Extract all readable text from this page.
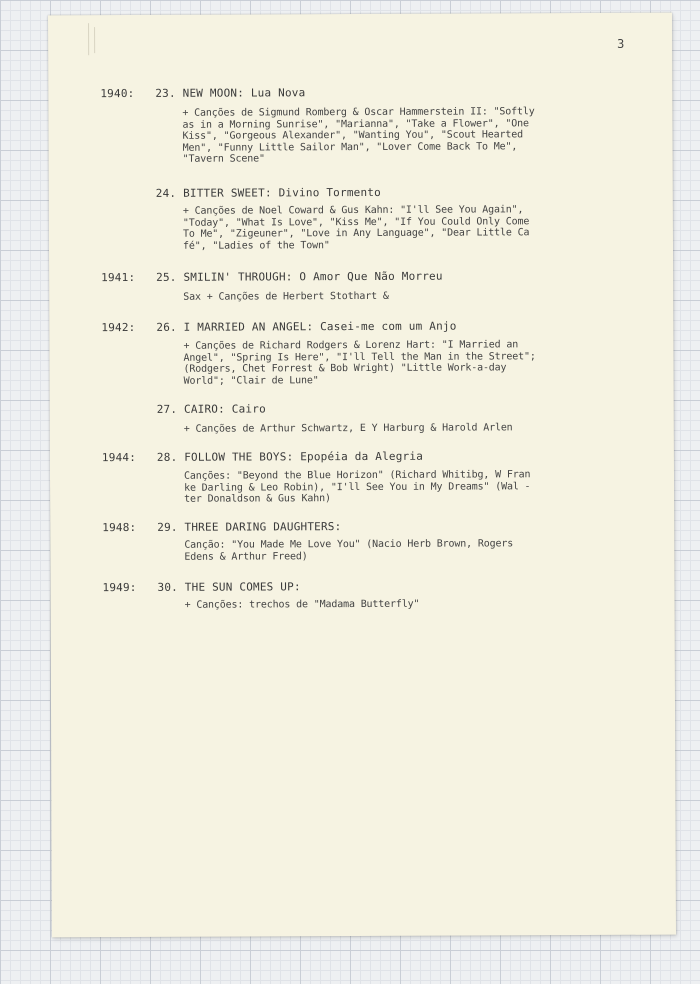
3
1940:	23. NEW MOON: Lua Nova
+ Canções de Sigmund Romberg & Oscar Hammerstein II: "Softly
as in a Morning Sunrise", "Marianna", "Take a Flower", "One
Kiss", "Gorgeous Alexander", "Wanting You", "Scout Hearted
Men", "Funny Little Sailor Man", "Lover Come Back To Me",
"Tavern Scene"
24. BITTER SWEET: Divino Tormento
+ Canções de Noel Coward & Gus Kahn: "I'll See You Again",
"Today", "What Is Love", "Kiss Me", "If You Could Only Come
To Me", "Zigeuner", "Love in Any Language", "Dear Little Ca
fé", "Ladies of the Town"
1941:	25. SMILIN' THROUGH: O Amor Que Não Morreu
Sax + Canções de Herbert Stothart &
1942:	26. I MARRIED AN ANGEL: Casei-me com um Anjo
+ Canções de Richard Rodgers & Lorenz Hart: "I Married an
Angel", "Spring Is Here", "I'll Tell the Man in the Street";
(Rodgers, Chet Forrest & Bob Wright) "Little Work-a-day
World"; "Clair de Lune"
27. CAIRO: Cairo
+ Canções de Arthur Schwartz, E Y Harburg & Harold Arlen
1944:	28. FOLLOW THE BOYS: Epopéia da Alegria
Canções: "Beyond the Blue Horizon" (Richard Whitibg, W Fran
ke Darling & Leo Robin), "I'll See You in My Dreams" (Wal -
ter Donaldson & Gus Kahn)
1948:	29. THREE DARING DAUGHTERS:
Canção: "You Made Me Love You" (Nacio Herb Brown, Rogers
Edens & Arthur Freed)
1949:	30. THE SUN COMES UP:
+ Canções: trechos de "Madama Butterfly"
